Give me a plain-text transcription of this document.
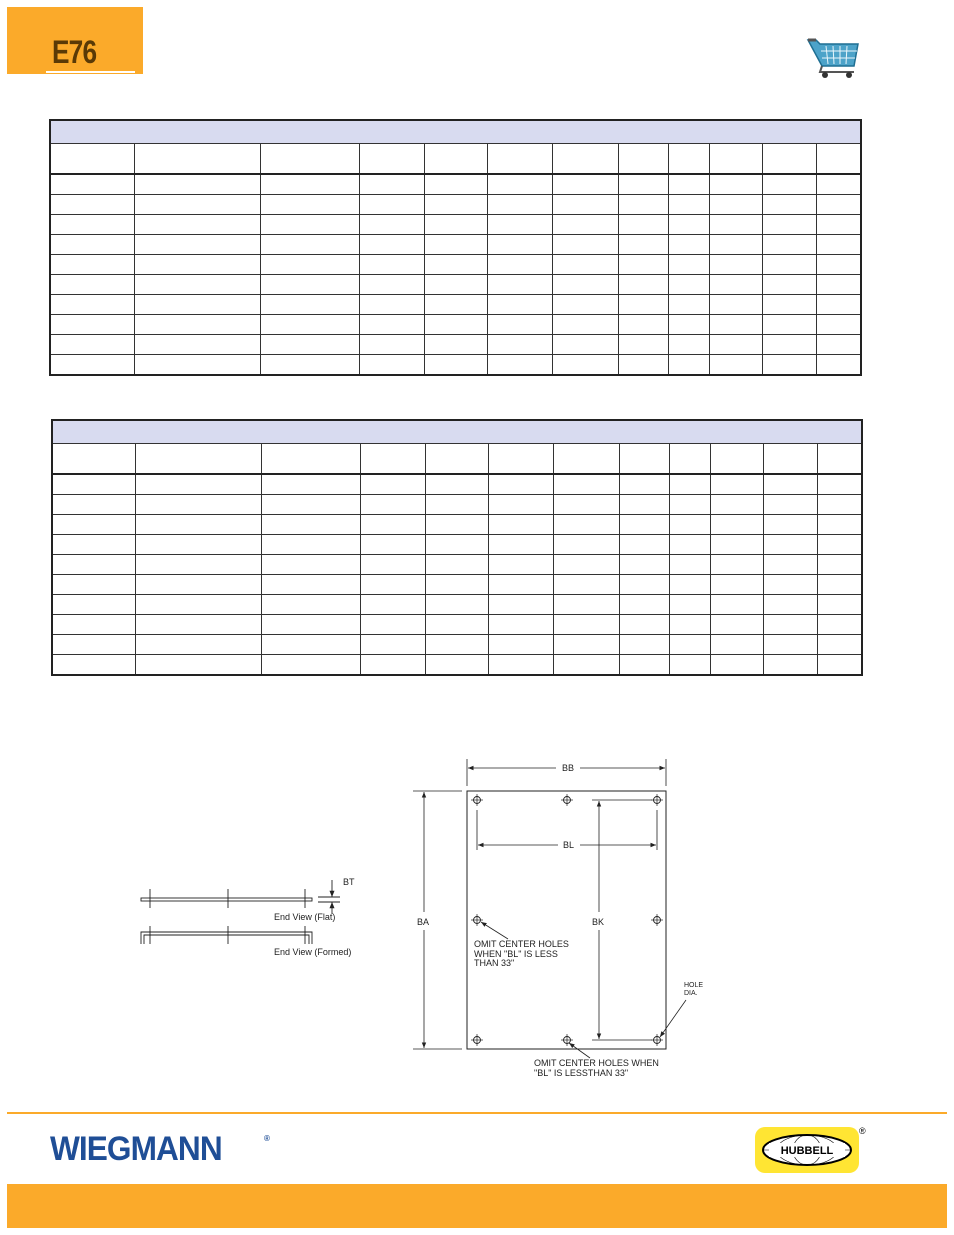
E76

BT
End View (Flat)
End View (Formed)
BB
BL
BA	BK
OMIT CENTER HOLES
WHEN "BL" IS LESS
THAN 33"
OMIT CENTER HOLES WHEN
"BL" IS LESSTHAN 33"
HOLE
DIA.
WIEGMANN	®
HUBBELL
®
